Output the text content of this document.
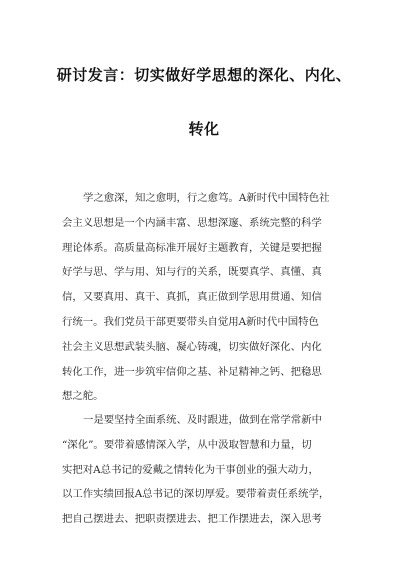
研讨发言：切实做好学思想的深化、内化、
转化
学之愈深，知之愈明，行之愈笃。A新时代中国特色社
会主义思想是一个内涵丰富、思想深邃、系统完整的科学
理论体系。高质量高标准开展好主题教育，关键是要把握
好学与思、学与用、知与行的关系，既要真学、真懂、真
信，又要真用、真干、真抓，真正做到学思用贯通、知信
行统一。我们党员干部更要带头自觉用A新时代中国特色
社会主义思想武装头脑、凝心铸魂，切实做好深化、内化
转化工作，进一步筑牢信仰之基、补足精神之钙、把稳思
想之舵。
一是要坚持全面系统、及时跟进，做到在常学常新中
“深化”。要带着感情深入学，从中汲取智慧和力量，切
实把对A总书记的爱戴之情转化为干事创业的强大动力，
以工作实绩回报A总书记的深切厚爱。要带着责任系统学，
把自己摆进去、把职责摆进去、把工作摆进去，深入思考
